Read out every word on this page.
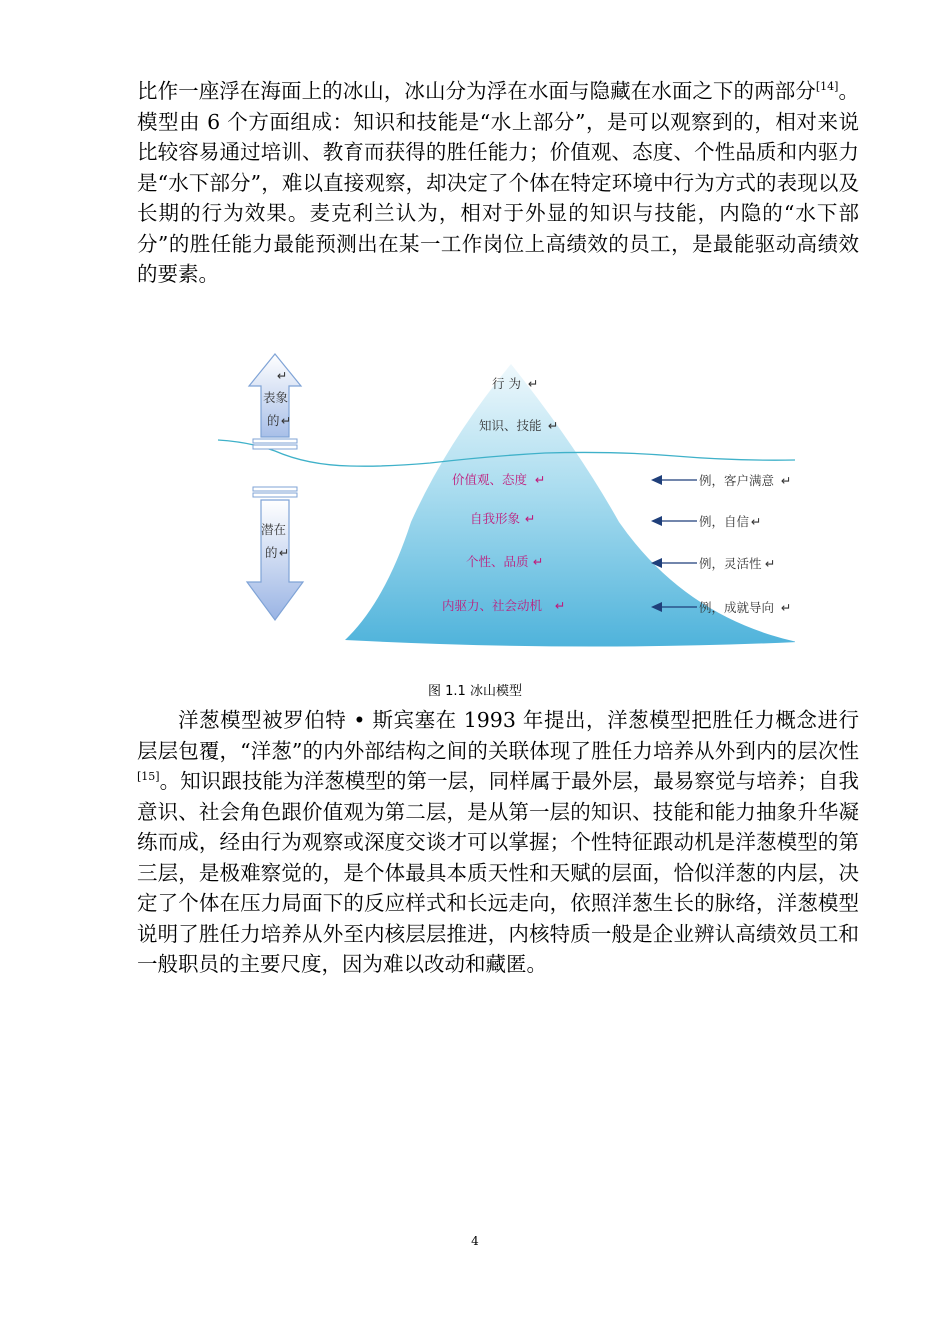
比作一座浮在海面上的冰山，冰山分为浮在水面与隐藏在水面之下的两部分[14]。模型由 6 个方面组成：知识和技能是“水上部分”，是可以观察到的，相对来说比较容易通过培训、教育而获得的胜任能力；价值观、态度、个性品质和内驱力是“水下部分”，难以直接观察，却决定了个体在特定环境中行为方式的表现以及长期的行为效果。麦克利兰认为，相对于外显的知识与技能，内隐的“水下部分”的胜任能力最能预测出在某一工作岗位上高绩效的员工，是最能驱动高绩效的要素。

↵
表象
的 ↵
潜在
的 ↵
行 为 ↵
知识、技能 ↵
价值观、态度 ↵
自我形象 ↵
个性、品质 ↵
内驱力、社会动机 ↵
例，客户满意 ↵
例，自信 ↵
例，灵活性 ↵
例，成就导向 ↵
图 1.1 冰山模型

洋葱模型被罗伯特 • 斯宾塞在 1993 年提出，洋葱模型把胜任力概念进行层层包覆，“洋葱”的内外部结构之间的关联体现了胜任力培养从外到内的层次性[15]。知识跟技能为洋葱模型的第一层，同样属于最外层，最易察觉与培养；自我意识、社会角色跟价值观为第二层，是从第一层的知识、技能和能力抽象升华凝练而成，经由行为观察或深度交谈才可以掌握；个性特征跟动机是洋葱模型的第三层，是极难察觉的，是个体最具本质天性和天赋的层面，恰似洋葱的内层，决定了个体在压力局面下的反应样式和长远走向，依照洋葱生长的脉络，洋葱模型说明了胜任力培养从外至内核层层推进，内核特质一般是企业辨认高绩效员工和一般职员的主要尺度，因为难以改动和藏匿。

4
